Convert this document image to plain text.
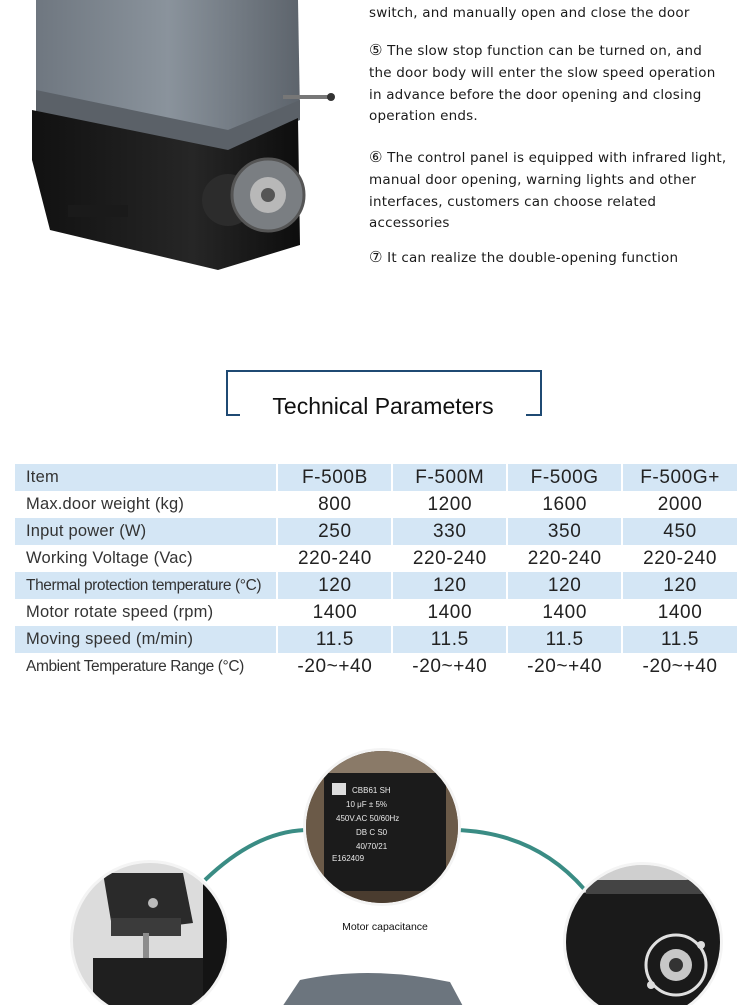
switch, and manually open and close the door
⑤ The slow stop function can be turned on, and the door body will enter the slow speed operation in advance before the door opening and closing operation ends.
⑥ The control panel is equipped with infrared light, manual door opening, warning lights and other interfaces, customers can choose related accessories
⑦ It can realize the double-opening function
Technical Parameters
Item	F-500B	F-500M	F-500G	F-500G+
Max.door weight (kg)	800	1200	1600	2000
Input power (W)	250	330	350	450
Working Voltage (Vac)	220-240	220-240	220-240	220-240
Thermal protection temperature (°C)	120	120	120	120
Motor rotate speed (rpm)	1400	1400	1400	1400
Moving speed (m/min)	11.5	11.5	11.5	11.5
Ambient Temperature Range (°C)	-20~+40	-20~+40	-20~+40	-20~+40
CBB61 SH
10 μF ± 5%
450V.AC 50/60Hz
DB C S0
40/70/21
E162409
Motor capacitance
